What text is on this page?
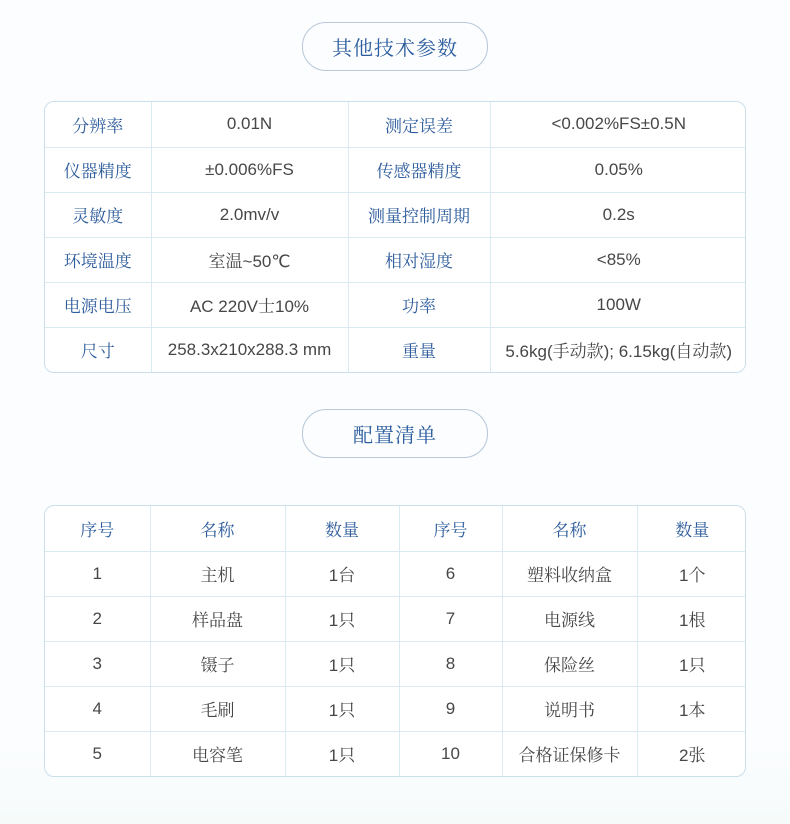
其他技术参数
分辨率	0.01N	测定误差	<0.002%FS±0.5N
仪器精度	±0.006%FS	传感器精度	0.05%
灵敏度	2.0mv/v	测量控制周期	0.2s
环境温度	室温~50℃	相对湿度	<85%
电源电压	AC 220V士10%	功率	100W
尺寸	258.3x210x288.3 mm	重量	5.6kg(手动款); 6.15kg(自动款)
配置清单
序号	名称	数量	序号	名称	数量
1	主机	1台	6	塑料收纳盒	1个
2	样品盘	1只	7	电源线	1根
3	镊子	1只	8	保险丝	1只
4	毛刷	1只	9	说明书	1本
5	电容笔	1只	10	合格证保修卡	2张
